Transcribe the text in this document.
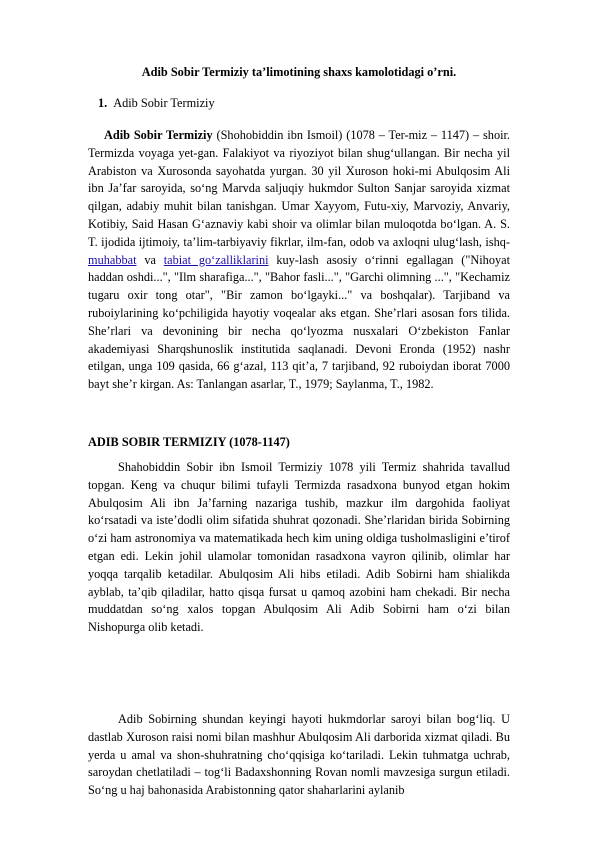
Adib Sobir Termiziy ta’limotining shaxs kamolotidagi o’rni.
1. Adib Sobir Termiziy

Adib Sobir Termiziy (Shohobiddin ibn Ismoil) (1078 – Ter-miz – 1147) – shoir. Termizda voyaga yet-gan. Falakiyot va riyoziyot bilan shug‘ullangan. Bir necha yil Arabiston va Xurosonda sayohatda yurgan. 30 yil Xuroson hoki-mi Abulqosim Ali ibn Ja’far saroyida, so‘ng Marvda saljuqiy hukmdor Sulton Sanjar saroyida xizmat qilgan, adabiy muhit bilan tanishgan. Umar Xayyom, Futu-xiy, Marvoziy, Anvariy, Kotibiy, Said Hasan G‘aznaviy kabi shoir va olimlar bilan muloqotda bo‘lgan. A. S. T. ijodida ijtimoiy, ta’lim-tarbiyaviy fikrlar, ilm-fan, odob va axloqni ulug‘lash, ishq- muhabbat va tabiat go‘zalliklarini kuy-lash asosiy o‘rinni egallagan ("Nihoyat haddan oshdi...", "Ilm sharafiga...", "Bahor fasli...", "Garchi olimning ...", "Kechamiz tugaru oxir tong otar", "Bir zamon bo‘lgayki..." va boshqalar). Tarjiband va ruboiylarining ko‘pchiligida hayotiy voqealar aks etgan. She’rlari asosan fors tilida. She’rlari va devonining bir necha qo‘lyozma nusxalari O‘zbekiston Fanlar akademiyasi Sharqshunoslik institutida saqlanadi. Devoni Eronda (1952) nashr etilgan, unga 109 qasida, 66 g‘azal, 113 qit’a, 7 tarjiband, 92 ruboiydan iborat 7000 bayt she’r kirgan. As: Tanlangan asarlar, T., 1979; Saylanma, T., 1982.

ADIB SOBIR TERMIZIY (1078-1147)

Shahobiddin Sobir ibn Ismoil Termiziy 1078 yili Termiz shahrida tavallud topgan. Keng va chuqur bilimi tufayli Termizda rasadxona bunyod etgan hokim Abulqosim Ali ibn Ja’farning nazariga tushib, mazkur ilm dargohida faoliyat ko‘rsatadi va iste’dodli olim sifatida shuhrat qozonadi. She’rlaridan birida Sobirning o‘zi ham astronomiya va matematikada hech kim uning oldiga tusholmasligini e’tirof etgan edi. Lekin johil ulamolar tomonidan rasadxona vayron qilinib, olimlar har yoqqa tarqalib ketadilar. Abulqosim Ali hibs etiladi. Adib Sobirni ham shialikda ayblab, ta’qib qiladilar, hatto qisqa fursat u qamoq azobini ham chekadi. Bir necha muddatdan so‘ng xalos topgan Abulqosim Ali Adib Sobirni ham o‘zi bilan Nishopurga olib ketadi.

Adib Sobirning shundan keyingi hayoti hukmdorlar saroyi bilan bog‘liq. U dastlab Xuroson raisi nomi bilan mashhur Abulqosim Ali darborida xizmat qiladi. Bu yerda u amal va shon-shuhratning cho‘qqisiga ko‘tariladi. Lekin tuhmatga uchrab, saroydan chetlatiladi – tog‘li Badaxshonning Rovan nomli mavzesiga surgun etiladi. So‘ng u haj bahonasida Arabistonning qator shaharlarini aylanib
